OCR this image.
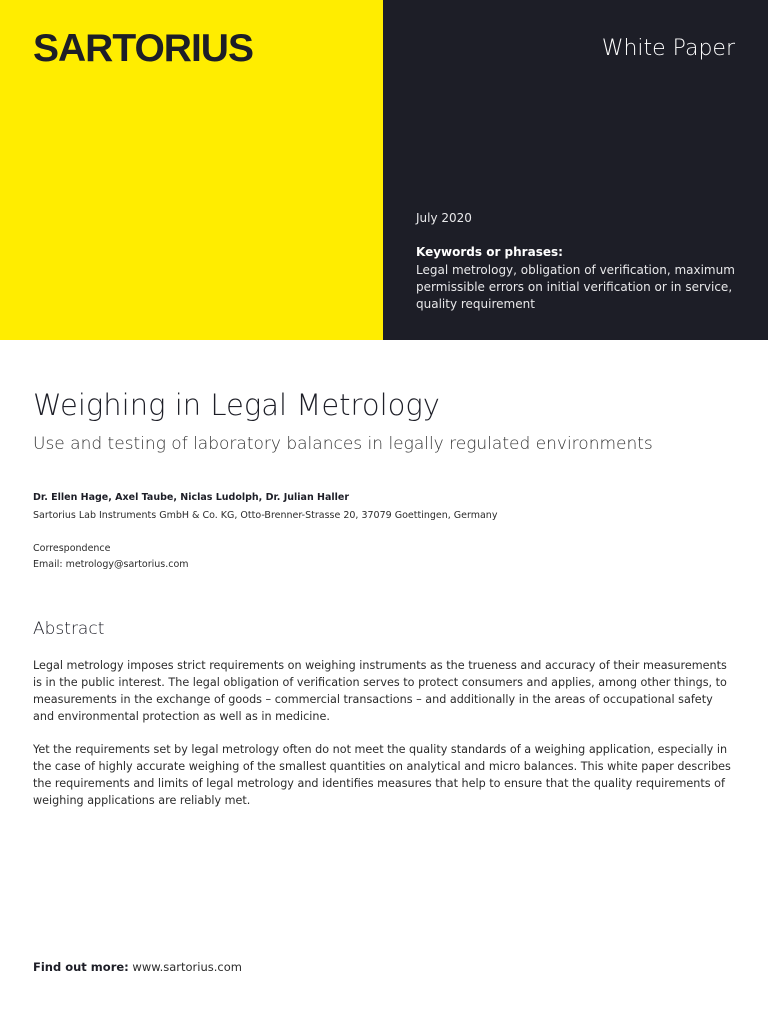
SARTORIUS	White Paper
July 2020
Keywords or phrases:
Legal metrology, obligation of verification, maximum permissible errors on initial verification or in service, quality requirement
Weighing in Legal Metrology
Use and testing of laboratory balances in legally regulated environments
Dr. Ellen Hage, Axel Taube, Niclas Ludolph, Dr. Julian Haller
Sartorius Lab Instruments GmbH & Co. KG, Otto-Brenner-Strasse 20, 37079 Goettingen, Germany
Correspondence
Email: metrology@sartorius.com
Abstract
Legal metrology imposes strict requirements on weighing instruments as the trueness and accuracy of their measurements is in the public interest. The legal obligation of verification serves to protect consumers and applies, among other things, to measurements in the exchange of goods – commercial transactions – and additionally in the areas of occupational safety and environmental protection as well as in medicine.
Yet the requirements set by legal metrology often do not meet the quality standards of a weighing application, especially in the case of highly accurate weighing of the smallest quantities on analytical and micro balances. This white paper describes the requirements and limits of legal metrology and identifies measures that help to ensure that the quality requirements of weighing applications are reliably met.
Find out more: www.sartorius.com
